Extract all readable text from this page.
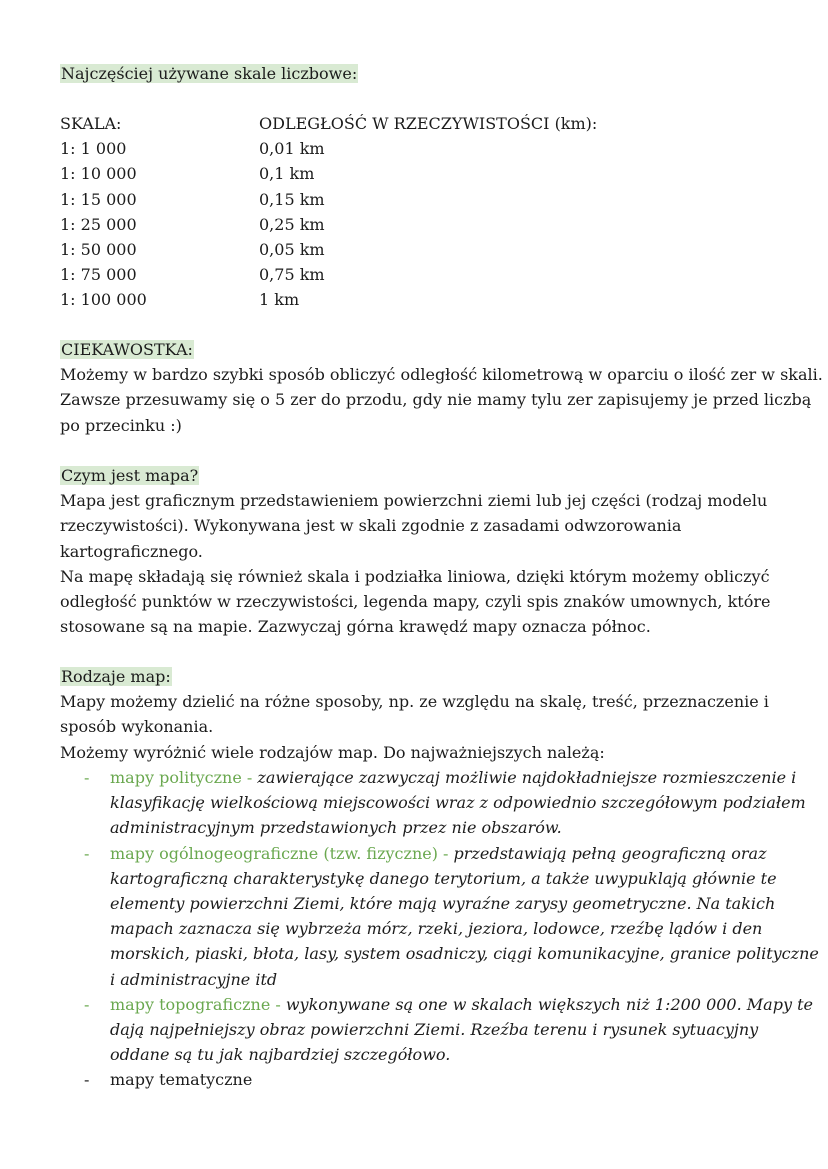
Najczęściej używane skale liczbowe:
SKALA:	ODLEGŁOŚĆ W RZECZYWISTOŚCI (km):
1: 1 000	0,01 km
1: 10 000	0,1 km
1: 15 000	0,15 km
1: 25 000	0,25 km
1: 50 000	0,05 km
1: 75 000	0,75 km
1: 100 000	1 km
CIEKAWOSTKA:
Możemy w bardzo szybki sposób obliczyć odległość kilometrową w oparciu o ilość zer w skali.
Zawsze przesuwamy się o 5 zer do przodu, gdy nie mamy tylu zer zapisujemy je przed liczbą
po przecinku :)
Czym jest mapa?
Mapa jest graficznym przedstawieniem powierzchni ziemi lub jej części (rodzaj modelu
rzeczywistości). Wykonywana jest w skali zgodnie z zasadami odwzorowania
kartograficznego.
Na mapę składają się również skala i podziałka liniowa, dzięki którym możemy obliczyć
odległość punktów w rzeczywistości, legenda mapy, czyli spis znaków umownych, które
stosowane są na mapie. Zazwyczaj górna krawędź mapy oznacza północ.
Rodzaje map:
Mapy możemy dzielić na różne sposoby, np. ze względu na skalę, treść, przeznaczenie i
sposób wykonania.
Możemy wyróżnić wiele rodzajów map. Do najważniejszych należą:
- mapy polityczne - zawierające zazwyczaj możliwie najdokładniejsze rozmieszczenie i
klasyfikację wielkościową miejscowości wraz z odpowiednio szczegółowym podziałem
administracyjnym przedstawionych przez nie obszarów.
- mapy ogólnogeograficzne (tzw. fizyczne) - przedstawiają pełną geograficzną oraz
kartograficzną charakterystykę danego terytorium, a także uwypuklają głównie te
elementy powierzchni Ziemi, które mają wyraźne zarysy geometryczne. Na takich
mapach zaznacza się wybrzeża mórz, rzeki, jeziora, lodowce, rzeźbę lądów i den
morskich, piaski, błota, lasy, system osadniczy, ciągi komunikacyjne, granice polityczne
i administracyjne itd
- mapy topograficzne - wykonywane są one w skalach większych niż 1:200 000. Mapy te
dają najpełniejszy obraz powierzchni Ziemi. Rzeźba terenu i rysunek sytuacyjny
oddane są tu jak najbardziej szczegółowo.
- mapy tematyczne
